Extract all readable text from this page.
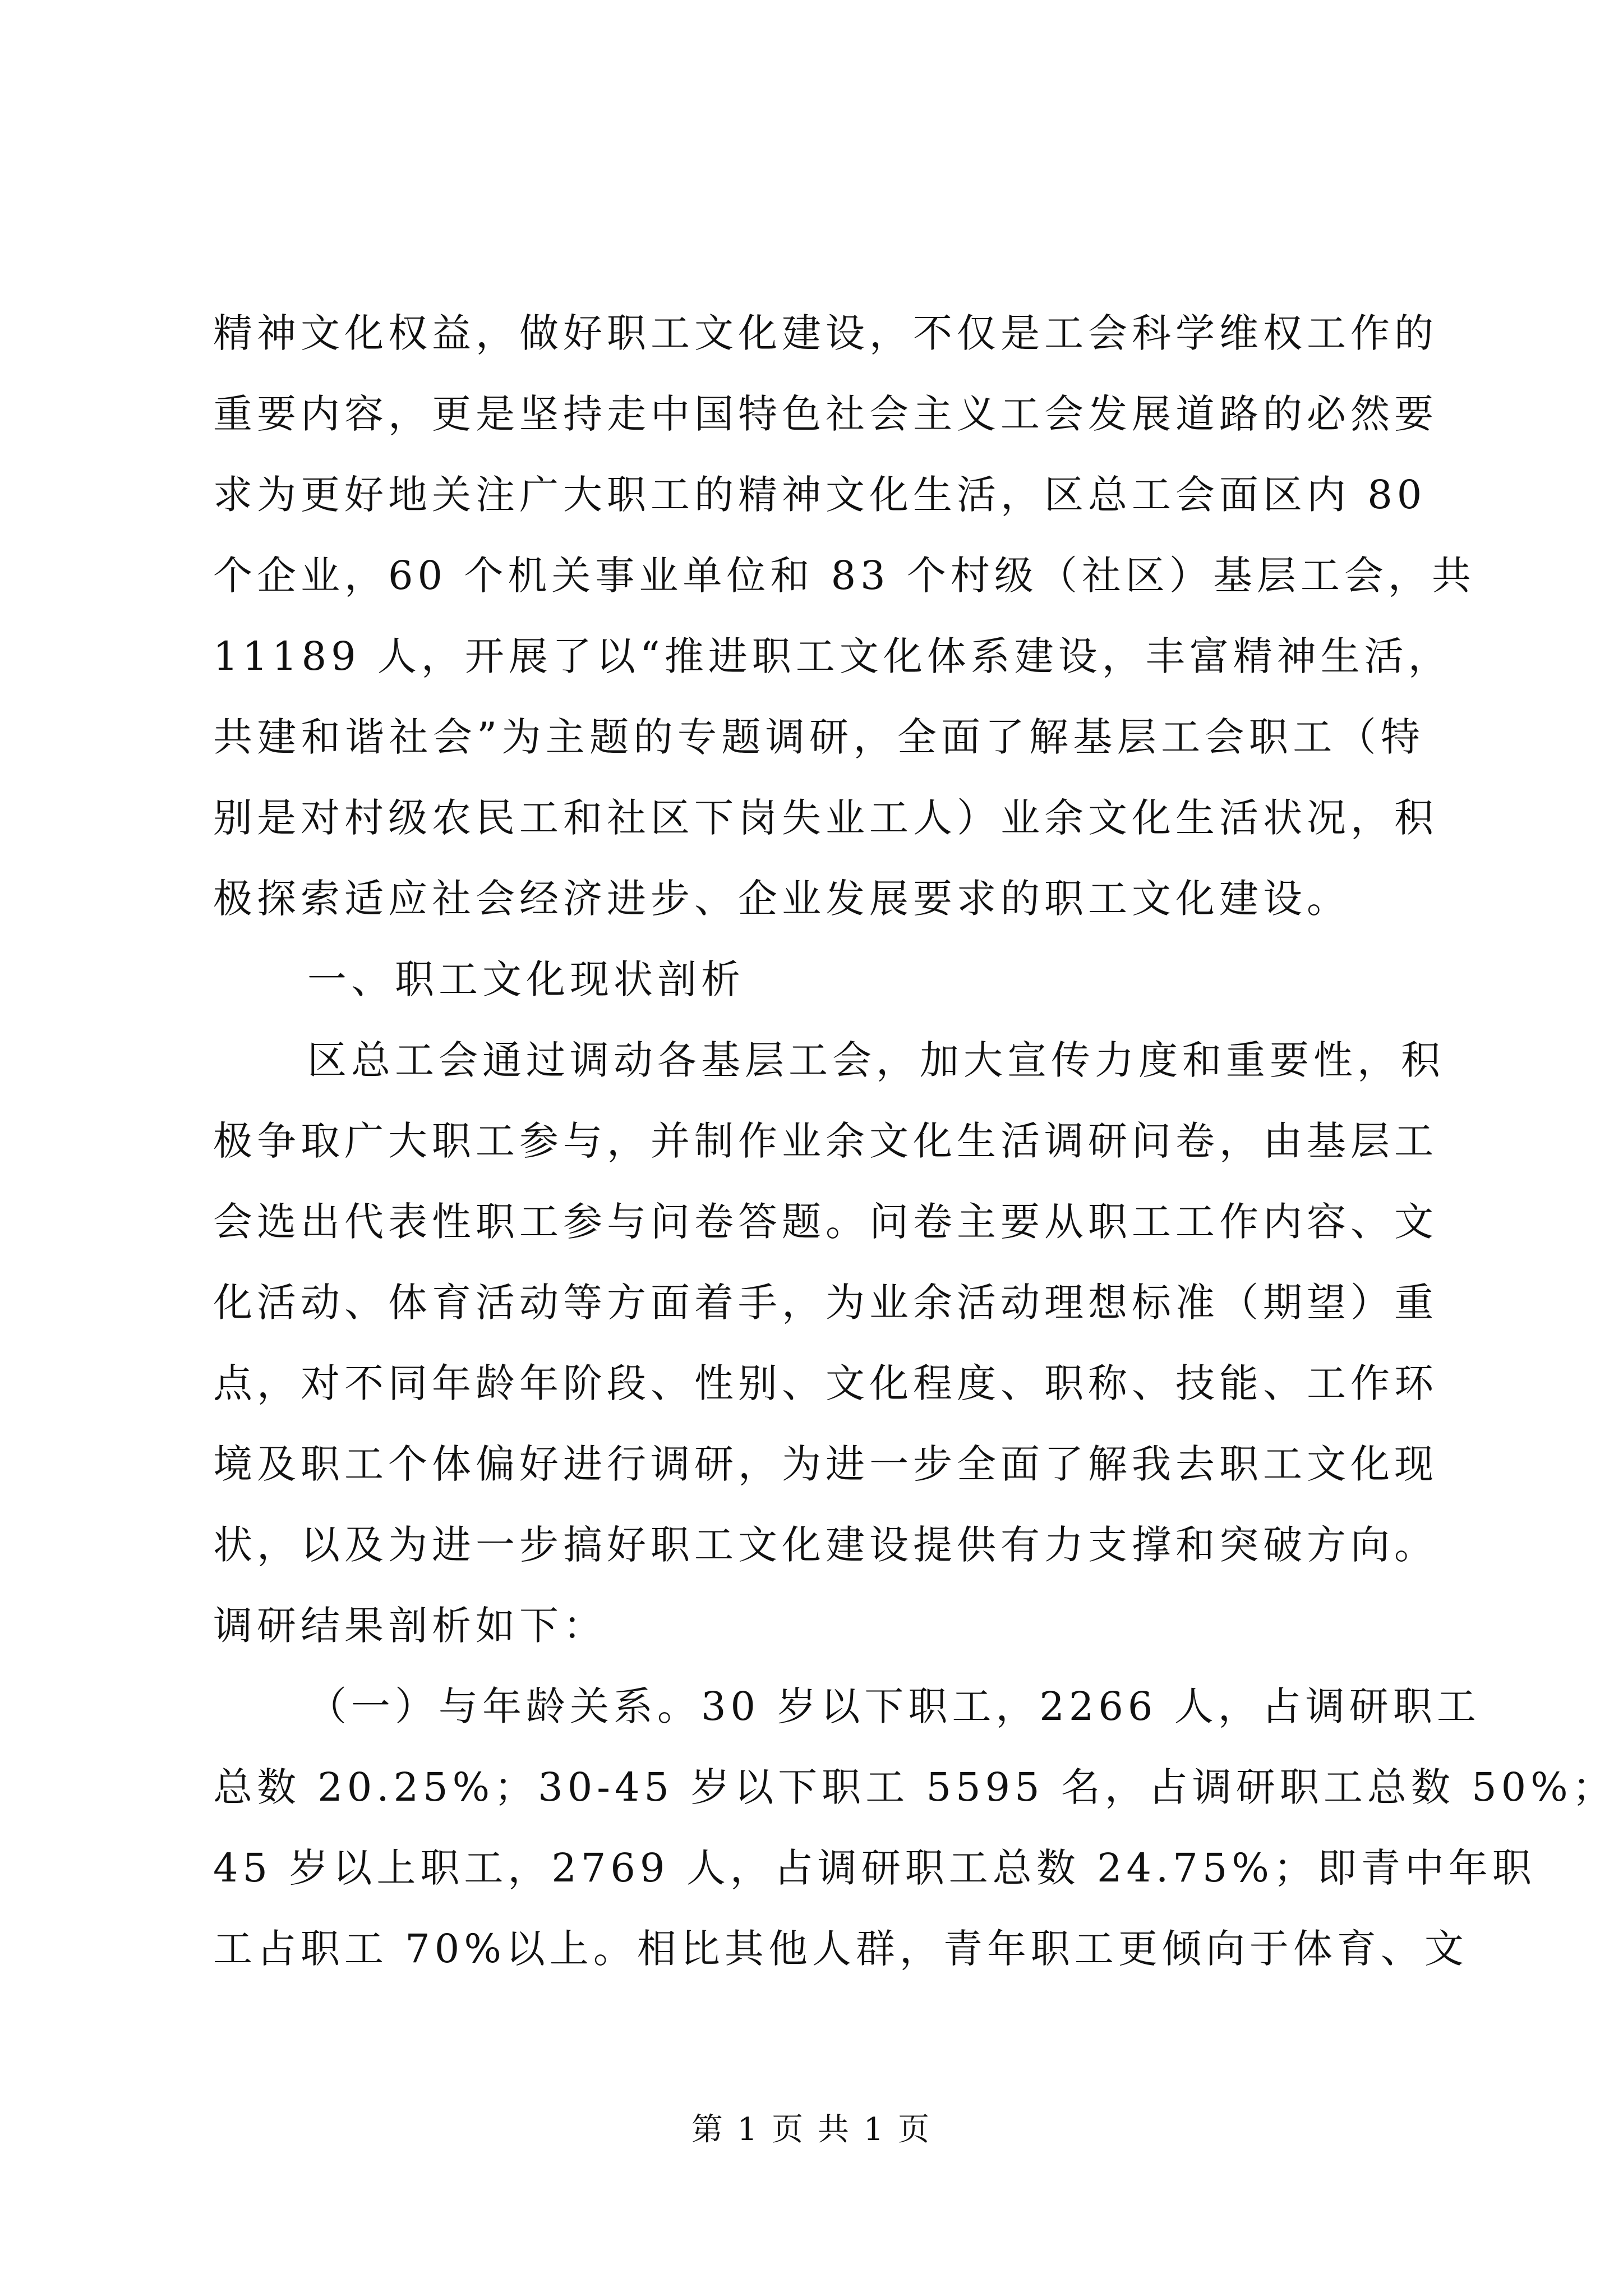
精神文化权益，做好职工文化建设，不仅是工会科学维权工作的
重要内容，更是坚持走中国特色社会主义工会发展道路的必然要
求为更好地关注广大职工的精神文化生活，区总工会面区内 80
个企业，60 个机关事业单位和 83 个村级（社区）基层工会，共
11189 人，开展了以“推进职工文化体系建设，丰富精神生活，
共建和谐社会”为主题的专题调研，全面了解基层工会职工（特
别是对村级农民工和社区下岗失业工人）业余文化生活状况，积
极探索适应社会经济进步、企业发展要求的职工文化建设。
一、职工文化现状剖析
区总工会通过调动各基层工会，加大宣传力度和重要性，积
极争取广大职工参与，并制作业余文化生活调研问卷，由基层工
会选出代表性职工参与问卷答题。问卷主要从职工工作内容、文
化活动、体育活动等方面着手，为业余活动理想标准（期望）重
点，对不同年龄年阶段、性别、文化程度、职称、技能、工作环
境及职工个体偏好进行调研，为进一步全面了解我去职工文化现
状，以及为进一步搞好职工文化建设提供有力支撑和突破方向。
调研结果剖析如下：
（一）与年龄关系。30 岁以下职工，2266 人，占调研职工
总数 20.25%；30-45 岁以下职工 5595 名，占调研职工总数 50%；
45 岁以上职工，2769 人，占调研职工总数 24.75%；即青中年职
工占职工 70%以上。相比其他人群，青年职工更倾向于体育、文
第 1 页 共 1 页
